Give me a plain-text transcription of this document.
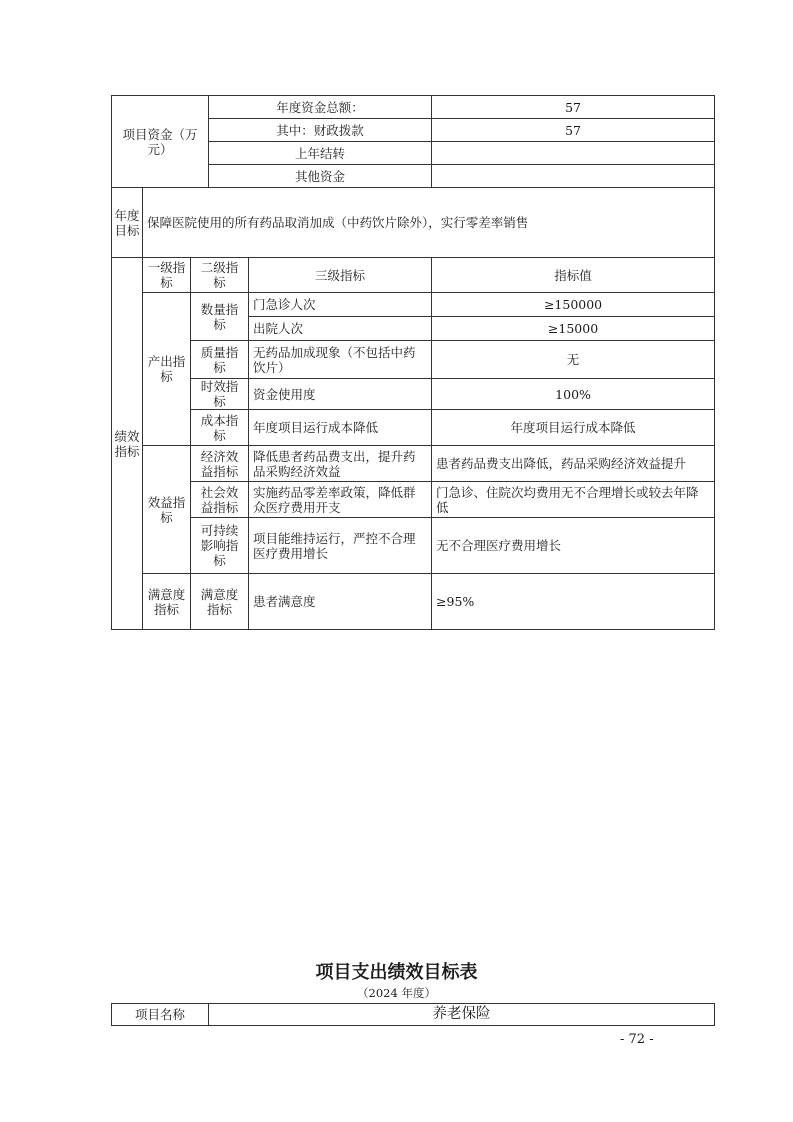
项目资金（万元）			年度资金总额：		57
			其中：财政拨款		57
			上年结转		
			其他资金		
年度目标	保障医院使用的所有药品取消加成（中药饮片除外），实行零差率销售				
绩效指标	一级指标	二级指标		三级指标	指标值
	产出指标	数量指标		门急诊人次	≥150000
				出院人次	≥15000
		质量指标		无药品加成现象（不包括中药饮片）	无
		时效指标		资金使用度	100%
		成本指标		年度项目运行成本降低	年度项目运行成本降低
	效益指标	经济效益指标		降低患者药品费支出，提升药品采购经济效益	患者药品费支出降低，药品采购经济效益提升
		社会效益指标		实施药品零差率政策，降低群众医疗费用开支	门急诊、住院次均费用无不合理增长或较去年降低
		可持续影响指标		项目能维持运行，严控不合理医疗费用增长	无不合理医疗费用增长
	满意度指标	满意度指标		患者满意度	≥95%
项目支出绩效目标表
（2024 年度）
项目名称	养老保险
- 72 -
